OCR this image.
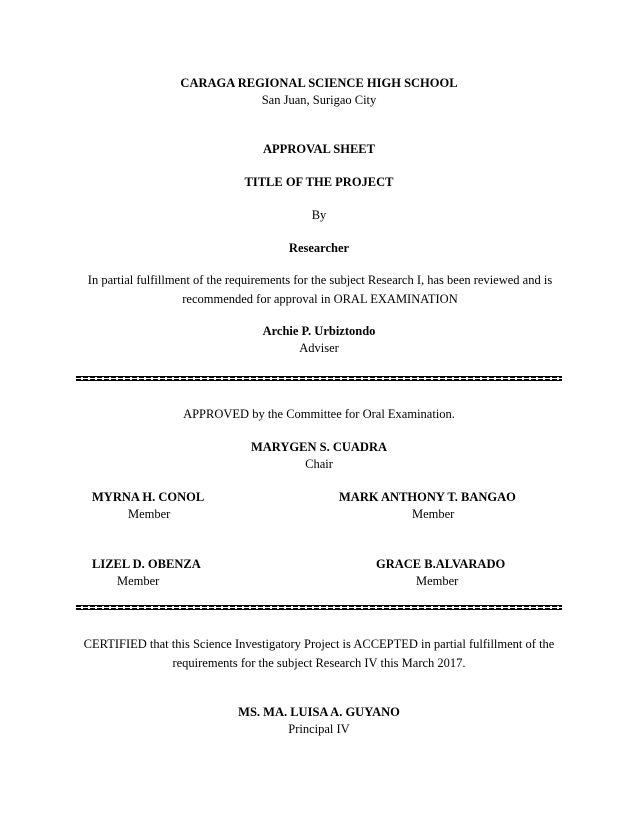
CARAGA REGIONAL SCIENCE HIGH SCHOOL
San Juan, Surigao City
APPROVAL SHEET
TITLE OF THE PROJECT
By
Researcher
In partial fulfillment of the requirements for the subject Research I, has been reviewed and is recommended for approval in ORAL EXAMINATION
Archie P. Urbiztondo
Adviser
APPROVED by the Committee for Oral Examination.
MARYGEN S. CUADRA
Chair
MYRNA H. CONOL
Member
MARK ANTHONY T. BANGAO
Member
LIZEL D. OBENZA
Member
GRACE B.ALVARADO
Member
CERTIFIED that this Science Investigatory Project is ACCEPTED in partial fulfillment of the requirements for the subject Research IV this March 2017.
MS. MA. LUISA A. GUYANO
Principal IV
